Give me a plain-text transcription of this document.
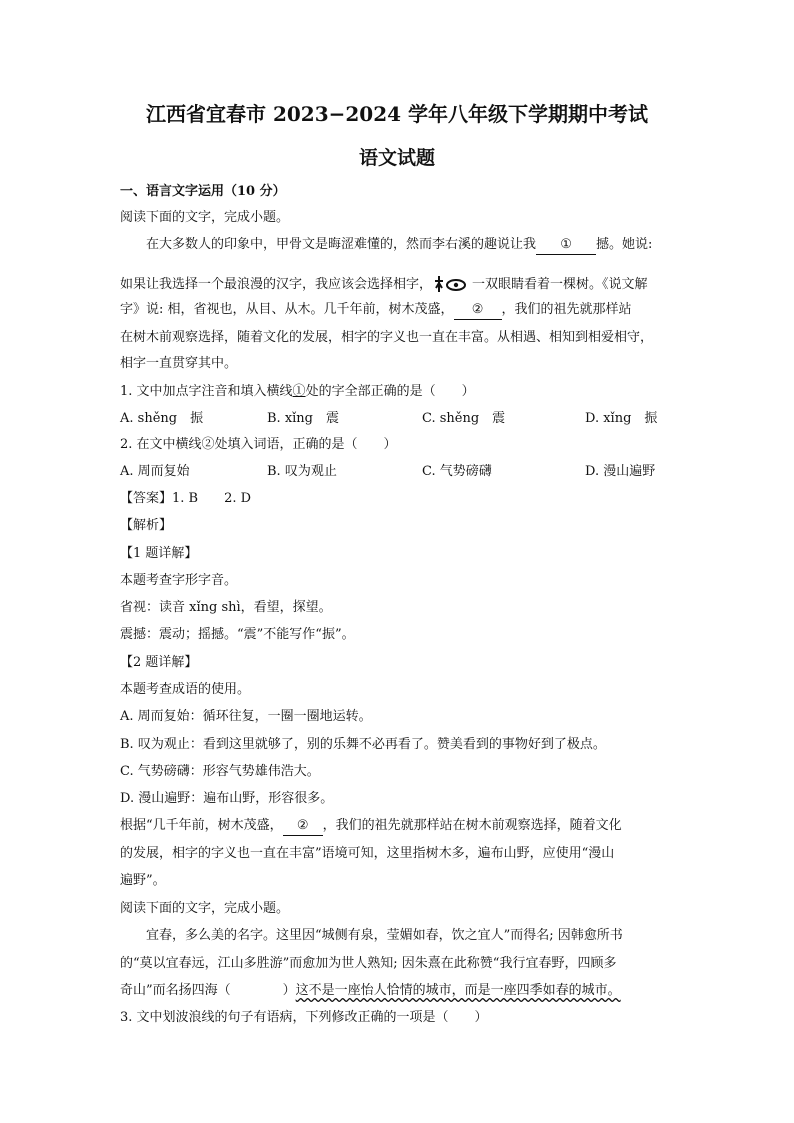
江西省宜春市 2023−2024 学年八年级下学期期中考试
语文试题
一、语言文字运用（10 分）
阅读下面的文字，完成小题。
在大多数人的印象中，甲骨文是晦涩难懂的，然而李右溪的趣说让我 ① 撼。她说:
如果让我选择一个最浪漫的汉字，我应该会选择相字，	一双眼睛看着一棵树。《说文解
字》说: 相，省视也，从目、从木。几千年前，树木茂盛， ② ，我们的祖先就那样站
在树木前观察选择，随着文化的发展，相字的字义也一直在丰富。从相遇、相知到相爱相守，
相字一直贯穿其中。
1. 文中加点字注音和填入横线①处的字全部正确的是（　　）
A. shěng　振	B. xǐng　震	C. shěng　震	D. xǐng　振
2. 在文中横线②处填入词语，正确的是（　　）
A. 周而复始	B. 叹为观止	C. 气势磅礴	D. 漫山遍野
【答案】1. B　　2. D
【解析】
【1 题详解】
本题考查字形字音。
省视：读音 xǐng shì，看望，探望。
震撼：震动；摇撼。“震”不能写作“振”。
【2 题详解】
本题考查成语的使用。
A. 周而复始：循环往复，一圈一圈地运转。
B. 叹为观止：看到这里就够了，别的乐舞不必再看了。赞美看到的事物好到了极点。
C. 气势磅礴：形容气势雄伟浩大。
D. 漫山遍野：遍布山野，形容很多。
根据“几千年前，树木茂盛， ② ，我们的祖先就那样站在树木前观察选择，随着文化
的发展，相字的字义也一直在丰富”语境可知，这里指树木多，遍布山野，应使用“漫山
遍野”。
阅读下面的文字，完成小题。
宜春，多么美的名字。这里因“城侧有泉，莹媚如春，饮之宜人”而得名; 因韩愈所书
的“莫以宜春远，江山多胜游”而愈加为世人熟知; 因朱熹在此称赞“我行宜春野，四顾多
奇山”而名扬四海（　　　　）这不是一座怡人恰情的城市，而是一座四季如春的城市。
3. 文中划波浪线的句子有语病，下列修改正确的一项是（　　）
